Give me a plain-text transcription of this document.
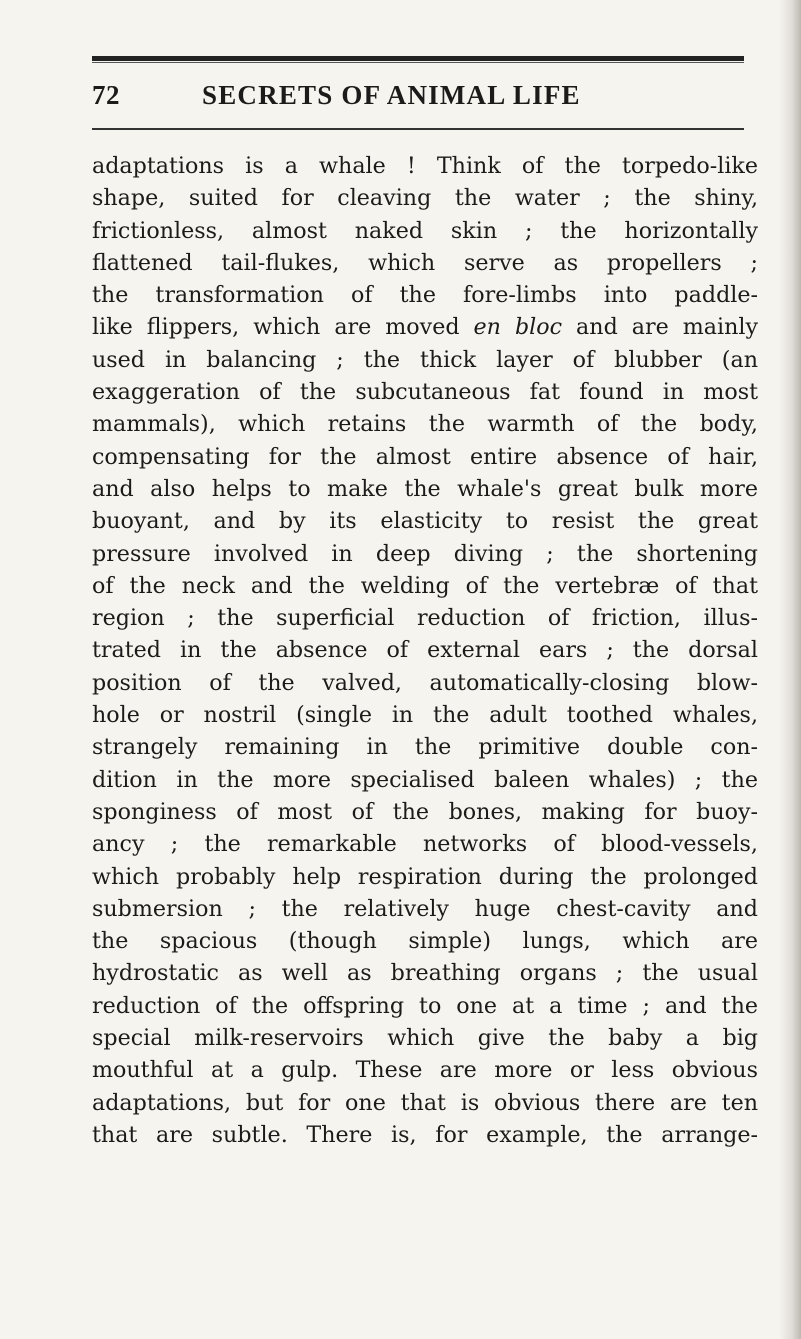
72	SECRETS OF ANIMAL LIFE
adaptations is a whale ! Think of the torpedo-like
shape, suited for cleaving the water ; the shiny,
frictionless, almost naked skin ; the horizontally
flattened tail-flukes, which serve as propellers ;
the transformation of the fore-limbs into paddle-
like flippers, which are moved en bloc and are mainly
used in balancing ; the thick layer of blubber (an
exaggeration of the subcutaneous fat found in most
mammals), which retains the warmth of the body,
compensating for the almost entire absence of hair,
and also helps to make the whale's great bulk more
buoyant, and by its elasticity to resist the great
pressure involved in deep diving ; the shortening
of the neck and the welding of the vertebræ of that
region ; the superficial reduction of friction, illus-
trated in the absence of external ears ; the dorsal
position of the valved, automatically-closing blow-
hole or nostril (single in the adult toothed whales,
strangely remaining in the primitive double con-
dition in the more specialised baleen whales) ; the
sponginess of most of the bones, making for buoy-
ancy ; the remarkable networks of blood-vessels,
which probably help respiration during the prolonged
submersion ; the relatively huge chest-cavity and
the spacious (though simple) lungs, which are
hydrostatic as well as breathing organs ; the usual
reduction of the offspring to one at a time ; and the
special milk-reservoirs which give the baby a big
mouthful at a gulp. These are more or less obvious
adaptations, but for one that is obvious there are ten
that are subtle. There is, for example, the arrange-
